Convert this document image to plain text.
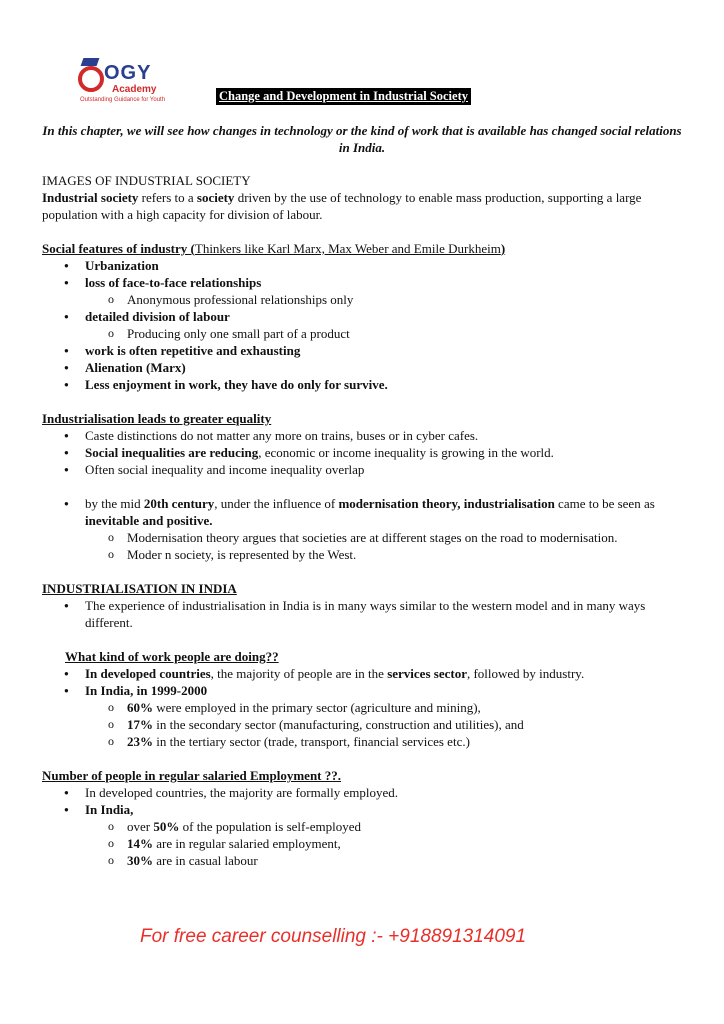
OGY
Academy
Outstanding Guidance for Youth	Change and Development in Industrial Society
In this chapter, we will see how changes in technology or the kind of work that is available has changed social relations in India.

IMAGES OF INDUSTRIAL SOCIETY

Industrial society refers to a society driven by the use of technology to enable mass production, supporting a large population with a high capacity for division of labour.

Social features of industry (Thinkers like Karl Marx, Max Weber and Emile Durkheim)

● Urbanization
● loss of face-to-face relationships
o Anonymous professional relationships only
● detailed division of labour
o Producing only one small part of a product
● work is often repetitive and exhausting
● Alienation (Marx)
● Less enjoyment in work, they have do only for survive.

Industrialisation leads to greater equality

● Caste distinctions do not matter any more on trains, buses or in cyber cafes.
● Social inequalities are reducing, economic or income inequality is growing in the world.
● Often social inequality and income inequality overlap
● by the mid 20th century, under the influence of modernisation theory, industrialisation came to be seen as inevitable and positive.
o Modernisation theory argues that societies are at different stages on the road to modernisation.
o Moder n society, is represented by the West.

INDUSTRIALISATION IN INDIA

● The experience of industrialisation in India is in many ways similar to the western model and in many ways different.

What kind of work people are doing??

● In developed countries, the majority of people are in the services sector, followed by industry.
● In India, in 1999-2000
o 60% were employed in the primary sector (agriculture and mining),
o 17% in the secondary sector (manufacturing, construction and utilities), and
o 23% in the tertiary sector (trade, transport, financial services etc.)

Number of people in regular salaried Employment ??.

● In developed countries, the majority are formally employed.
● In India,
o over 50% of the population is self-employed
o 14% are in regular salaried employment,
o 30% are in casual labour
For free career counselling :- +918891314091
